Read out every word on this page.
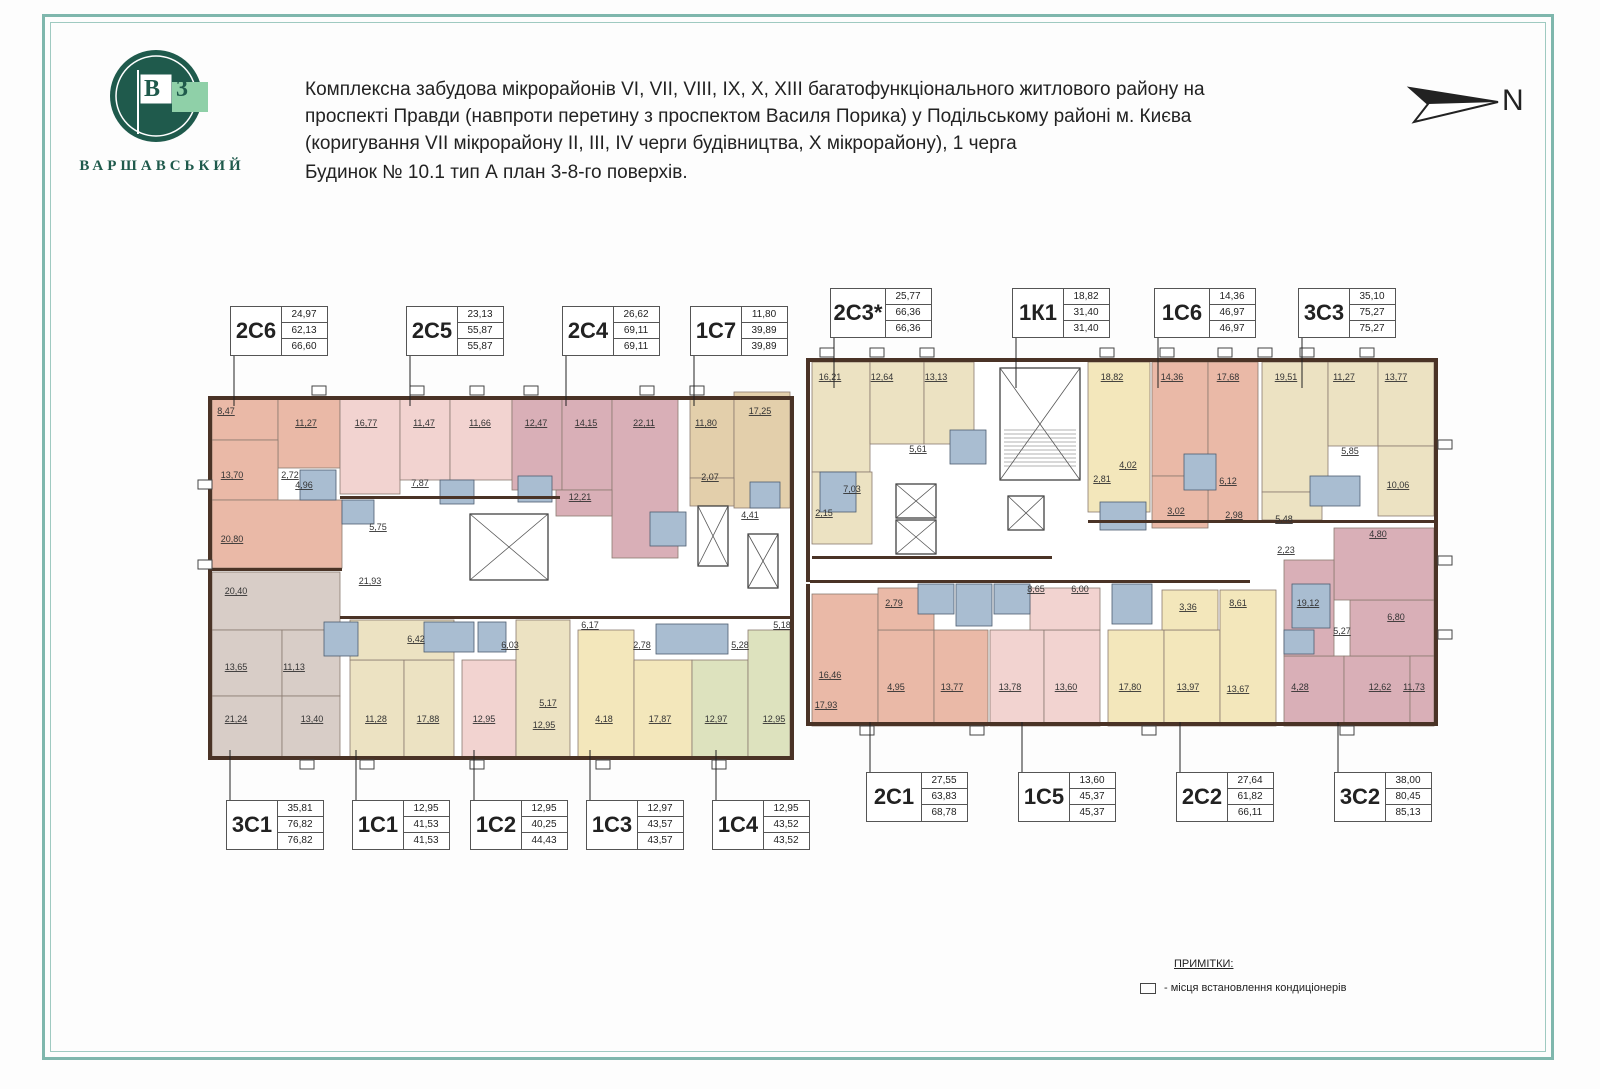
В3
ВАРШАВСЬКИЙ
Комплексна забудова мікрорайонів VI, VII, VIII, IX, X, XIII багатофункціонального житлового району на
проспекті Правди (навпроти перетину з проспектом Василя Порика) у Подільському районі м. Києва
(коригування VII мікрорайону II, III, IV черги будівництва, Х мікрорайону), 1 черга
Будинок № 10.1 тип А план 3-8-го поверхів.
N
8,47
11,27	16,77	11,47	11,66	12,47	14,15	22,11	11,80
17,25
16,21	12,64	13,13	18,82	14,36	17,68	19,51	11,27	13,77
13,70	2,72
4,96	7,87
12,21
2,07
5,61
4,02
2,81	6,12
5,85
10,06
20,80
5,75
4,41	2,15
7,03
3,02	2,98	5,48
2,23
4,80
20,40
21,93
6,42
6,03
6,17
2,78	5,28
5,18
2,79
8,65	6,00
3,36	8,61	19,12
5,27
6,80
13,65	11,13
5,17
16,46
21,24	13,40	11,28	17,88	12,95
12,95
4,18	17,87	12,97	12,95
17,93
4,95	13,77	13,78	13,60	17,80	13,97	13,67	4,28	12,62 11,73
2С6
24,97
62,13
66,60
2С5
23,13
55,87
55,87
2С4
26,62
69,11
69,11
1С7
11,80
39,89
39,89
2С3*
25,77
66,36
66,36
1К1
18,82
31,40
31,40
1С6
14,36
46,97
46,97
3С3
35,10
75,27
75,27
3С1
35,81
76,82
76,82
1С1
12,95
41,53
41,53
1С2
12,95
40,25
44,43
1С3
12,97
43,57
43,57
1С4
12,95
43,52
43,52
2С1
27,55
63,83
68,78
1С5
13,60
45,37
45,37
2С2
27,64
61,82
66,11
3С2
38,00
80,45
85,13
ПРИМІТКИ:
- місця встановлення кондиціонерів
